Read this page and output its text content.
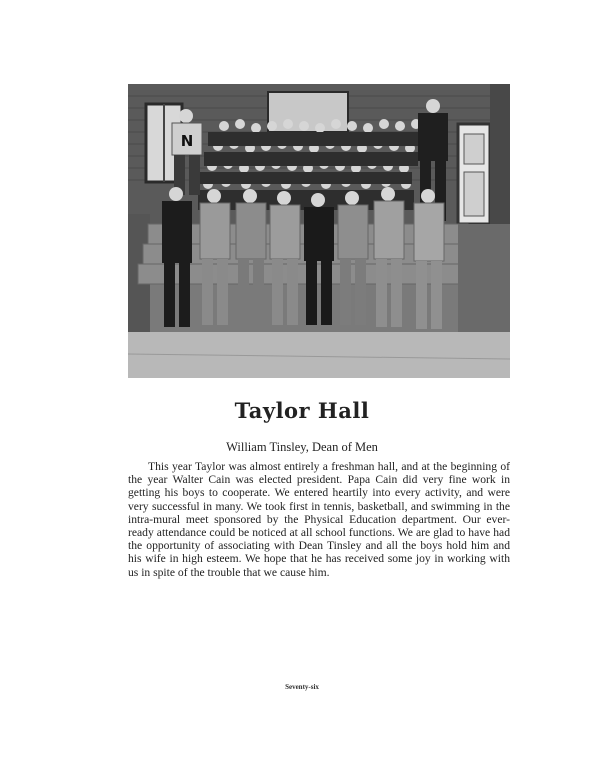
N
Taylor Hall
William Tinsley, Dean of Men

This year Taylor was almost entirely a freshman hall, and at the beginning of the year Walter Cain was elected president. Papa Cain did very fine work in getting his boys to cooperate. We entered heartily into every activity, and were very successful in many. We took first in tennis, basketball, and swimming in the intra-mural meet sponsored by the Physical Education department. Our ever-ready attendance could be noticed at all school functions. We are glad to have had the opportunity of associating with Dean Tinsley and all the boys hold him and his wife in high esteem. We hope that he has received some joy in working with us in spite of the trouble that we cause him.

Seventy-six
